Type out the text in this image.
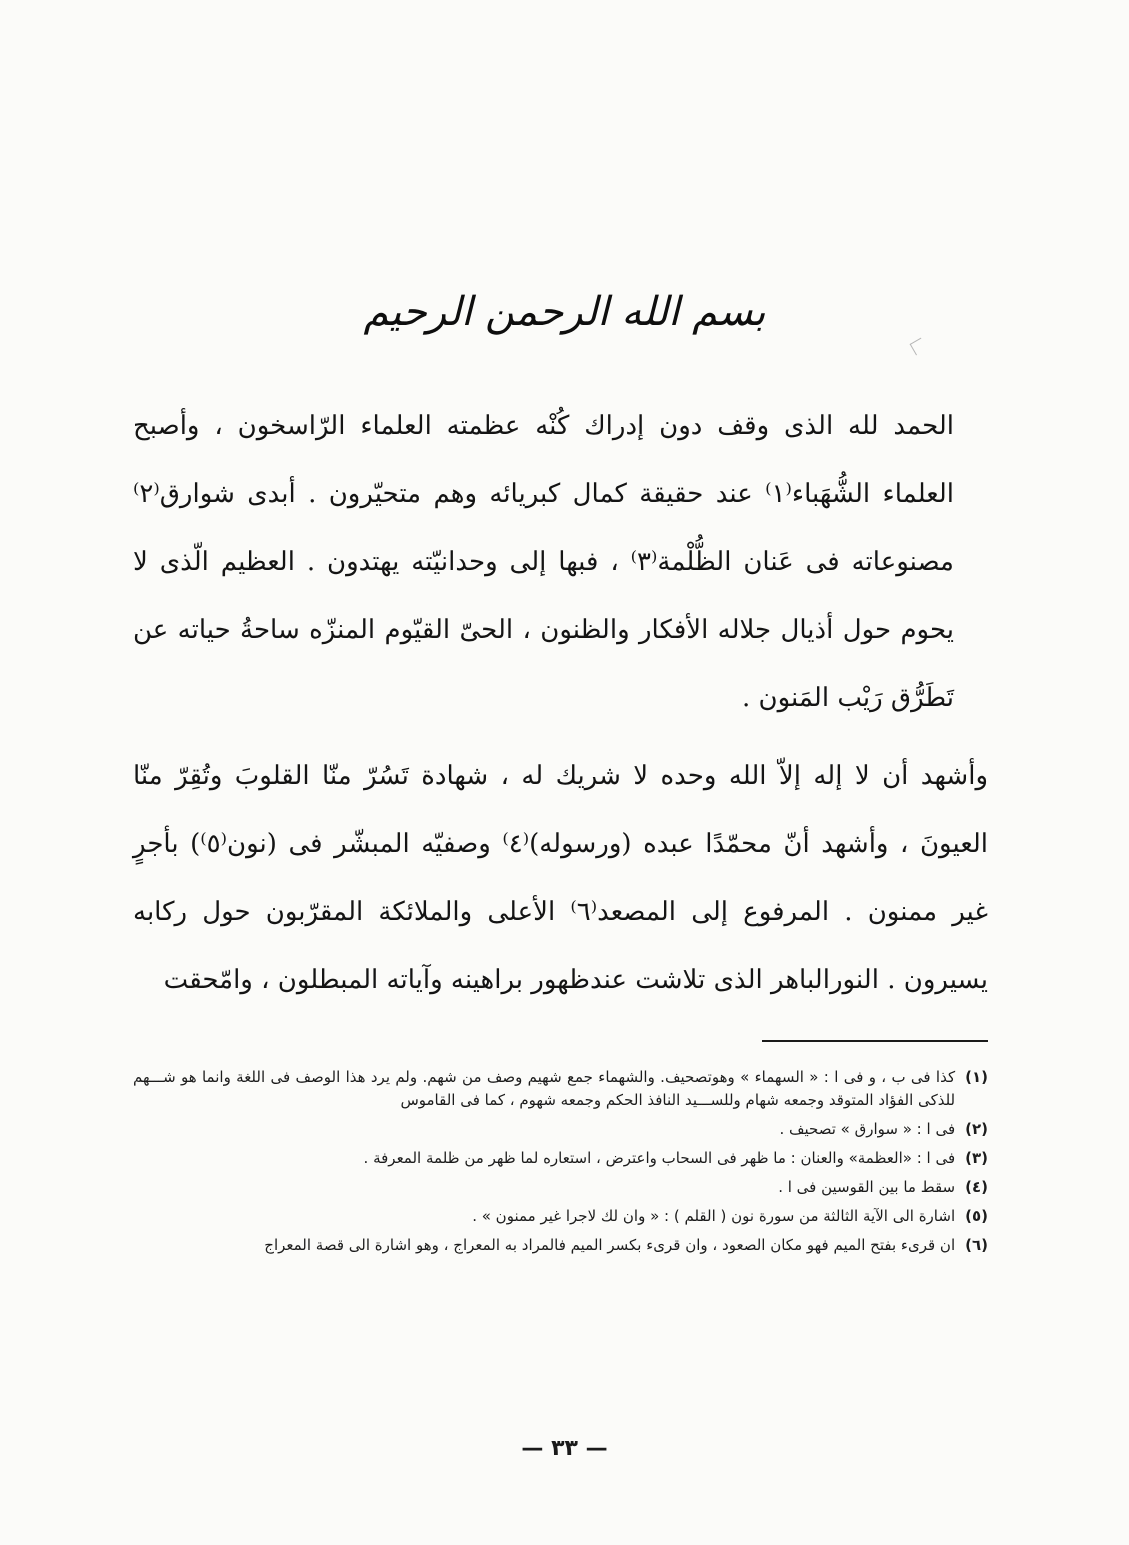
بسم الله الرحمن الرحيم

الحمد لله الذى وقف دون إدراك كُنْه عظمته العلماء الرّاسخون ، وأصبح العلماء الشُّهَباء⁽١⁾ عند حقيقة كمال كبريائه وهم متحيّرون . أبدى شوارق⁽٢⁾ مصنوعاته فى عَنان الظُّلْمة⁽٣⁾ ، فبها إلى وحدانيّته يهتدون . العظيم الّذى لا يحوم حول أذيال جلاله الأفكار والظنون ، الحىّ القيّوم المنزّه ساحةُ حياته عن تَطَرُّق رَيْب المَنون .

وأشهد أن لا إله إلاّ الله وحده لا شريك له ، شهادة تَسُرّ منّا القلوبَ وتُقِرّ منّا العيونَ ، وأشهد أنّ محمّدًا عبده (ورسوله)⁽٤⁾ وصفيّه المبشّر فى (نون⁽٥⁾) بأجرٍ غير ممنون . المرفوع إلى المصعد⁽٦⁾ الأعلى والملائكة المقرّبون حول ركابه يسيرون . النورالباهر الذى تلاشت عندظهور براهينه وآياته المبطلون ، وامّحقت

(١)
كذا فى ب ، و فى ا : « السهماء » وهوتصحيف. والشهماء جمع شهيم وصف من شهم. ولم يرد هذا الوصف فى اللغة وانما هو شـــهم للذكى الفؤاد المتوقد وجمعه شهام وللســـيد النافذ الحكم وجمعه شهوم ، كما فى القاموس
(٢)
فى ا : « سوارق » تصحيف .
(٣)
فى ا : «العظمة» والعنان : ما ظهر فى السحاب واعترض ، استعاره لما ظهر من ظلمة المعرفة .
(٤)
سقط ما بين القوسين فى ا .
(٥)
اشارة الى الآية الثالثة من سورة نون ( القلم ) : « وان لك لاجرا غير ممنون » .
(٦)
ان قرىء بفتح الميم فهو مكان الصعود ، وان قرىء بكسر الميم فالمراد به المعراج ، وهو اشارة الى قصة المعراج
— ٣٣ —
